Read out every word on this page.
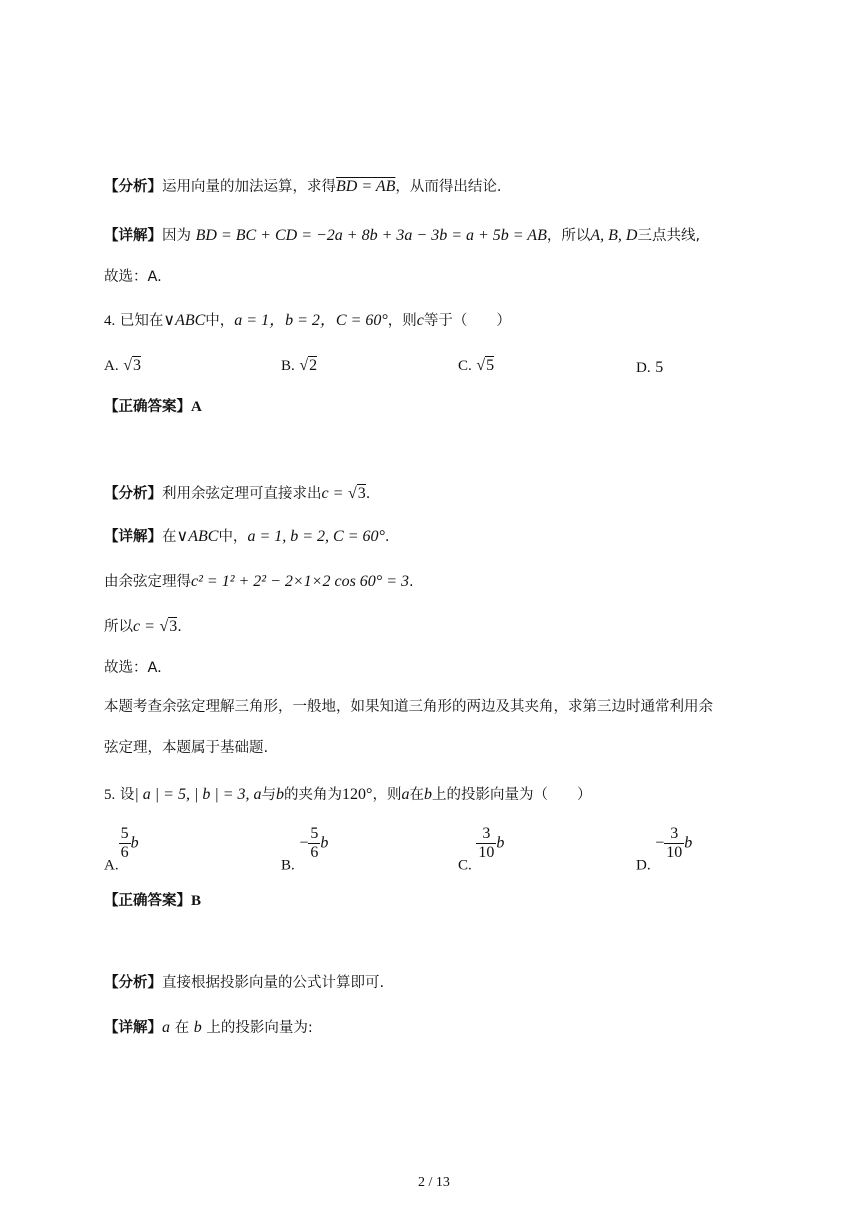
【分析】运用向量的加法运算，求得BD = AB，从而得出结论.
【详解】因为 BD = BC + CD = −2a + 8b + 3a − 3b = a + 5b = AB，所以A, B, D三点共线,
故选：A.
4. 已知在∨ABC中，a = 1，b = 2，C = 60°，则c等于（　　）
A. √3	B. √2	C. √5	D. 5
【正确答案】A
【分析】利用余弦定理可直接求出c = √3.
【详解】在∨ABC中，a = 1, b = 2, C = 60°.
由余弦定理得c² = 1² + 2² − 2×1×2 cos 60° = 3.
所以c = √3.
故选：A.
本题考查余弦定理解三角形，一般地，如果知道三角形的两边及其夹角，求第三边时通常利用余
弦定理，本题属于基础题.
5. 设| a | = 5, | b | = 3, a与b的夹角为120°，则a在b上的投影向量为（　　）
A.
$\frac{5}{6}$ b
B. − $\frac{5}{6}$ b
C.
$\frac{3}{10}$ b
D. − $\frac{3}{10}$ b
【正确答案】B
【分析】直接根据投影向量的公式计算即可.
【详解】a 在 b 上的投影向量为:
2 / 13
